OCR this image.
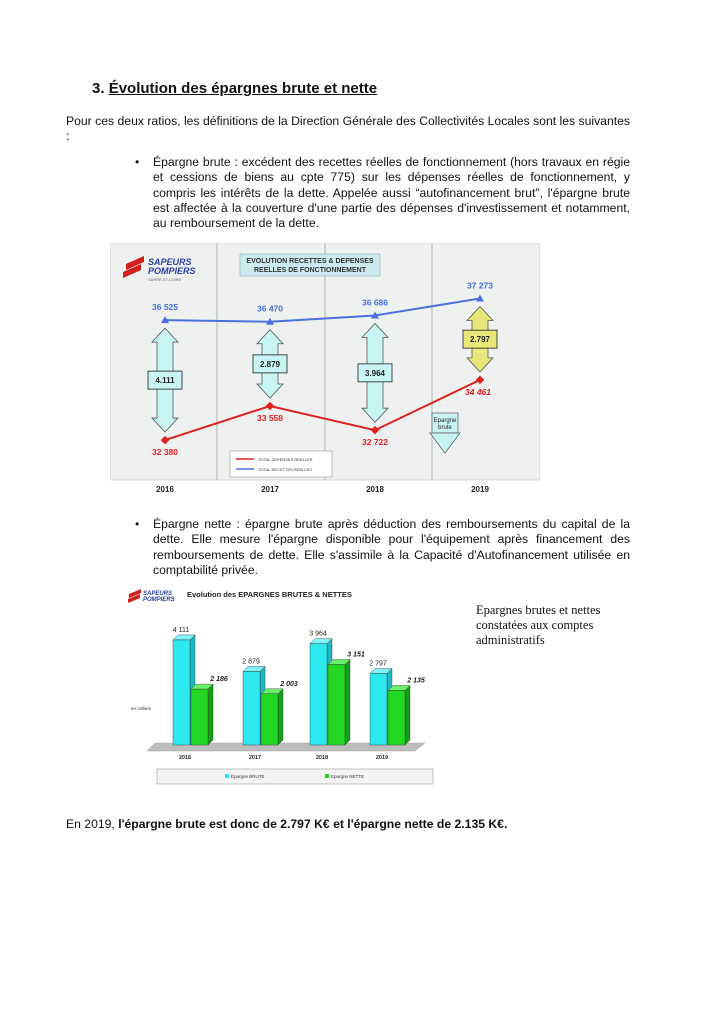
3. Évolution des épargnes brute et nette
Pour ces deux ratios, les définitions de la Direction Générale des Collectivités Locales sont les suivantes :
• Épargne brute : excédent des recettes réelles de fonctionnement (hors travaux en régie et cessions de biens au cpte 775) sur les dépenses réelles de fonctionnement, y compris les intérêts de la dette. Appelée aussi “autofinancement brut”, l'épargne brute est affectée à la couverture d'une partie des dépenses d'investissement et notamment, au remboursement de la dette.
SAPEURS
POMPIERS
SARRE-ET-LOIRE
EVOLUTION RECETTES & DEPENSES
REELLES DE FONCTIONNEMENT
4.111
2.879
3.964
2.797
36 525
32 380
36 470
33 558
36 686
32 722
37 273
34 461
Epargne
brute
TOTAL DEPENSES REELLES
TOTAL RECETTES REELLES
2016	2017	2018	2019
• Épargne nette : épargne brute après déduction des remboursements du capital de la dette. Elle mesure l'épargne disponible pour l'équipement après financement des remboursements de dette. Elle s'assimile à la Capacité d'Autofinancement utilisée en comptabilité privée.
SAPEURS
POMPIERS
Evolution des EPARGNES BRUTES & NETTES
en milliers
4 111
2 186
2 879
2 003
3 964
3 151
2 797
2 135
2016	2017	2018	2019
Epargne BRUTE	Epargne NETTE
Epargnes brutes et nettes constatées aux comptes administratifs
En 2019, l'épargne brute est donc de 2.797 K€ et l'épargne nette de 2.135 K€.
